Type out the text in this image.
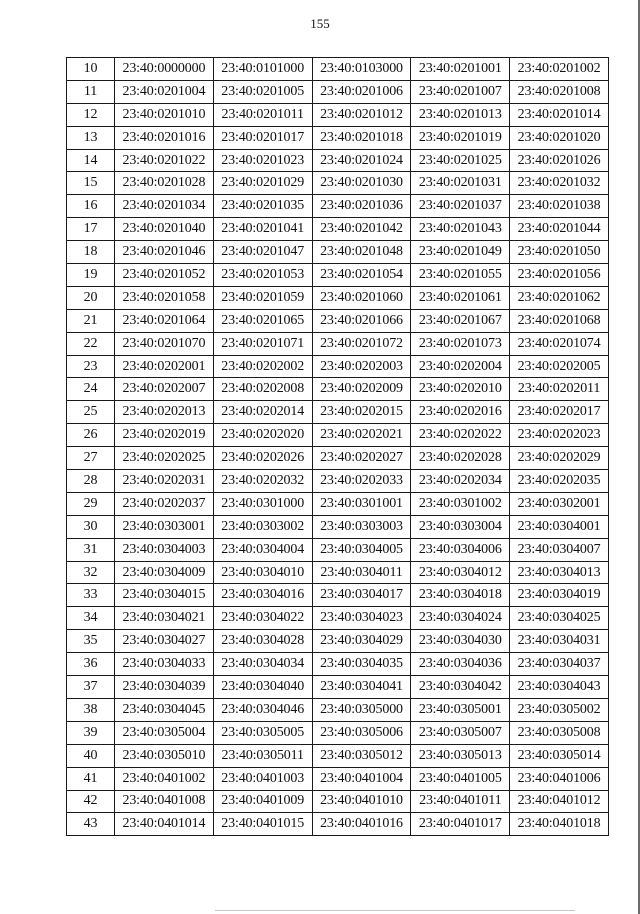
155
10	23:40:0000000	23:40:0101000	23:40:0103000	23:40:0201001	23:40:0201002
11	23:40:0201004	23:40:0201005	23:40:0201006	23:40:0201007	23:40:0201008
12	23:40:0201010	23:40:0201011	23:40:0201012	23:40:0201013	23:40:0201014
13	23:40:0201016	23:40:0201017	23:40:0201018	23:40:0201019	23:40:0201020
14	23:40:0201022	23:40:0201023	23:40:0201024	23:40:0201025	23:40:0201026
15	23:40:0201028	23:40:0201029	23:40:0201030	23:40:0201031	23:40:0201032
16	23:40:0201034	23:40:0201035	23:40:0201036	23:40:0201037	23:40:0201038
17	23:40:0201040	23:40:0201041	23:40:0201042	23:40:0201043	23:40:0201044
18	23:40:0201046	23:40:0201047	23:40:0201048	23:40:0201049	23:40:0201050
19	23:40:0201052	23:40:0201053	23:40:0201054	23:40:0201055	23:40:0201056
20	23:40:0201058	23:40:0201059	23:40:0201060	23:40:0201061	23:40:0201062
21	23:40:0201064	23:40:0201065	23:40:0201066	23:40:0201067	23:40:0201068
22	23:40:0201070	23:40:0201071	23:40:0201072	23:40:0201073	23:40:0201074
23	23:40:0202001	23:40:0202002	23:40:0202003	23:40:0202004	23:40:0202005
24	23:40:0202007	23:40:0202008	23:40:0202009	23:40:0202010	23:40:0202011
25	23:40:0202013	23:40:0202014	23:40:0202015	23:40:0202016	23:40:0202017
26	23:40:0202019	23:40:0202020	23:40:0202021	23:40:0202022	23:40:0202023
27	23:40:0202025	23:40:0202026	23:40:0202027	23:40:0202028	23:40:0202029
28	23:40:0202031	23:40:0202032	23:40:0202033	23:40:0202034	23:40:0202035
29	23:40:0202037	23:40:0301000	23:40:0301001	23:40:0301002	23:40:0302001
30	23:40:0303001	23:40:0303002	23:40:0303003	23:40:0303004	23:40:0304001
31	23:40:0304003	23:40:0304004	23:40:0304005	23:40:0304006	23:40:0304007
32	23:40:0304009	23:40:0304010	23:40:0304011	23:40:0304012	23:40:0304013
33	23:40:0304015	23:40:0304016	23:40:0304017	23:40:0304018	23:40:0304019
34	23:40:0304021	23:40:0304022	23:40:0304023	23:40:0304024	23:40:0304025
35	23:40:0304027	23:40:0304028	23:40:0304029	23:40:0304030	23:40:0304031
36	23:40:0304033	23:40:0304034	23:40:0304035	23:40:0304036	23:40:0304037
37	23:40:0304039	23:40:0304040	23:40:0304041	23:40:0304042	23:40:0304043
38	23:40:0304045	23:40:0304046	23:40:0305000	23:40:0305001	23:40:0305002
39	23:40:0305004	23:40:0305005	23:40:0305006	23:40:0305007	23:40:0305008
40	23:40:0305010	23:40:0305011	23:40:0305012	23:40:0305013	23:40:0305014
41	23:40:0401002	23:40:0401003	23:40:0401004	23:40:0401005	23:40:0401006
42	23:40:0401008	23:40:0401009	23:40:0401010	23:40:0401011	23:40:0401012
43	23:40:0401014	23:40:0401015	23:40:0401016	23:40:0401017	23:40:0401018
